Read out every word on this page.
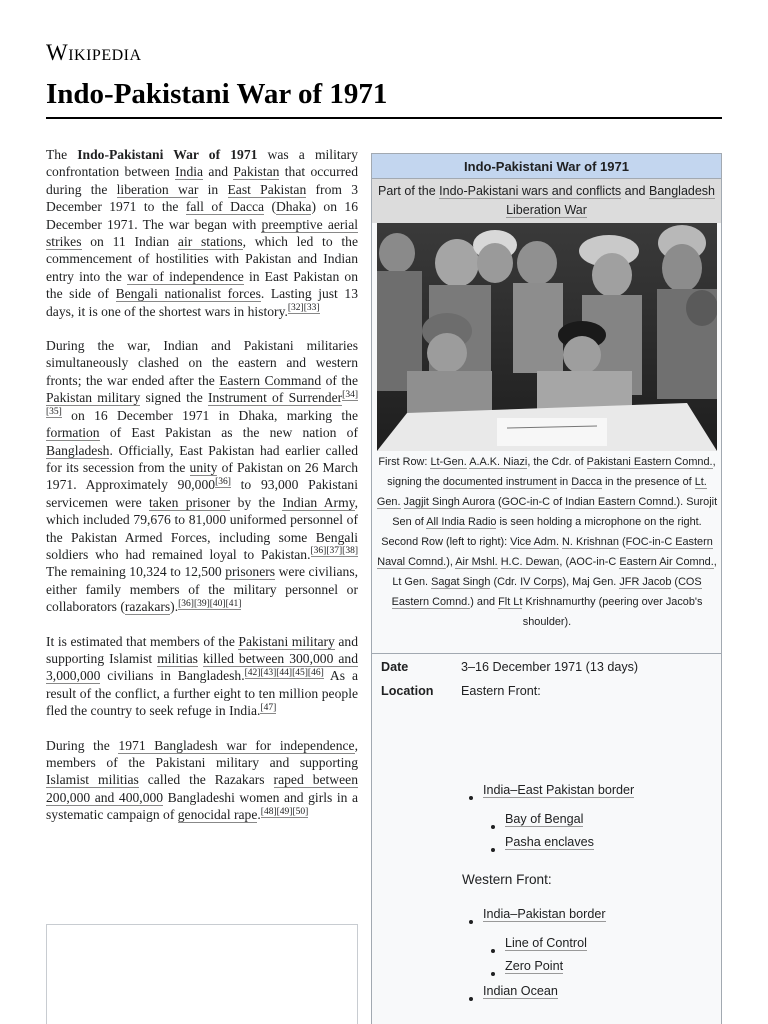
Wikipedia
Indo-Pakistani War of 1971

The Indo-Pakistani War of 1971 was a military confrontation between India and Pakistan that occurred during the liberation war in East Pakistan from 3 December 1971 to the fall of Dacca (Dhaka) on 16 December 1971. The war began with preemptive aerial strikes on 11 Indian air stations, which led to the commencement of hostilities with Pakistan and Indian entry into the war of independence in East Pakistan on the side of Bengali nationalist forces. Lasting just 13 days, it is one of the shortest wars in history.[32][33]

During the war, Indian and Pakistani militaries simultaneously clashed on the eastern and western fronts; the war ended after the Eastern Command of the Pakistan military signed the Instrument of Surrender[34][35] on 16 December 1971 in Dhaka, marking the formation of East Pakistan as the new nation of Bangladesh. Officially, East Pakistan had earlier called for its secession from the unity of Pakistan on 26 March 1971. Approximately 90,000[36] to 93,000 Pakistani servicemen were taken prisoner by the Indian Army, which included 79,676 to 81,000 uniformed personnel of the Pakistan Armed Forces, including some Bengali soldiers who had remained loyal to Pakistan.[36][37][38] The remaining 10,324 to 12,500 prisoners were civilians, either family members of the military personnel or collaborators (razakars).[36][39][40][41]

It is estimated that members of the Pakistani military and supporting Islamist militias killed between 300,000 and 3,000,000 civilians in Bangladesh.[42][43][44][45][46] As a result of the conflict, a further eight to ten million people fled the country to seek refuge in India.[47]

During the 1971 Bangladesh war for independence, members of the Pakistani military and supporting Islamist militias called the Razakars raped between 200,000 and 400,000 Bangladeshi women and girls in a systematic campaign of genocidal rape.[48][49][50]

Indo-Pakistani War of 1971
Part of the Indo-Pakistani wars and conflicts and Bangladesh Liberation War
First Row: Lt-Gen. A.A.K. Niazi, the Cdr. of Pakistani Eastern Comnd., signing the documented instrument in Dacca in the presence of Lt. Gen. Jagjit Singh Aurora (GOC-in-C of Indian Eastern Comnd.). Surojit Sen of All India Radio is seen holding a microphone on the right.
Second Row (left to right): Vice Adm. N. Krishnan (FOC-in-C Eastern Naval Comnd.), Air Mshl. H.C. Dewan, (AOC-in-C Eastern Air Comnd., Lt Gen. Sagat Singh (Cdr. IV Corps), Maj Gen. JFR Jacob (COS Eastern Comnd.) and Flt Lt Krishnamurthy (peering over Jacob's shoulder).
Date	3–16 December 1971 (13 days)
Location	Eastern Front:
India–East Pakistan border
Bay of Bengal
Pasha enclaves
Western Front:
India–Pakistan border
Line of Control
Zero Point
Indian Ocean
